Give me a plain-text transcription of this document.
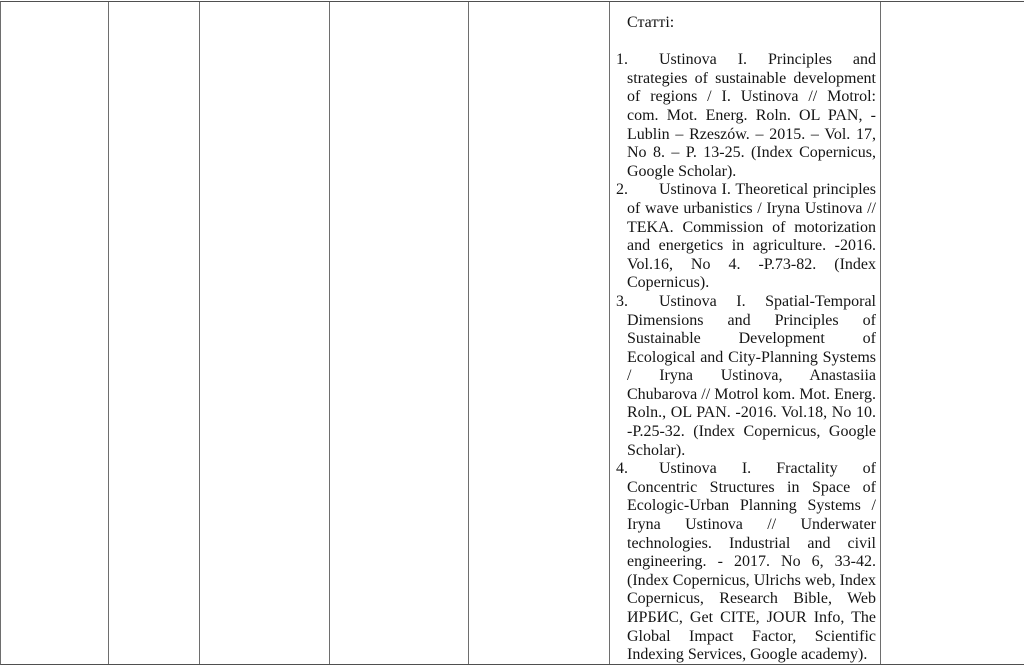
Статті:
1. Ustinova I. Principles and strategies of sustainable development of regions / I. Ustinova // Motrol: com. Mot. Energ. Roln. OL PAN, - Lublin – Rzeszów. – 2015. – Vol. 17, No 8. – P. 13-25. (Index Copernicus, Google Scholar).
2. Ustinova I. Theoretical principles of wave urbanistics / Iryna Ustinova // TEKA. Commission of motorization and energetics in agriculture. -2016. Vol.16, No 4. -P.73-82. (Index Copernicus).
3. Ustinova I. Spatial-Temporal Dimensions and Principles of Sustainable Development of Ecological and City-Planning Systems / Iryna Ustinova, Anastasiia Chubarova // Motrol kom. Mot. Energ. Roln., OL PAN. -2016. Vol.18, No 10. -P.25-32. (Index Copernicus, Google Scholar).
4. Ustinova I. Fractality of Concentric Structures in Space of Ecologic-Urban Planning Systems / Iryna Ustinova // Underwater technologies. Industrial and civil engineering. - 2017. No 6, 33-42. (Index Copernicus, Ulrichs web, Index Copernicus, Research Bible, Web ИРБИС, Get CITE, JOUR Info, The Global Impact Factor, Scientific Indexing Services, Google academy).
